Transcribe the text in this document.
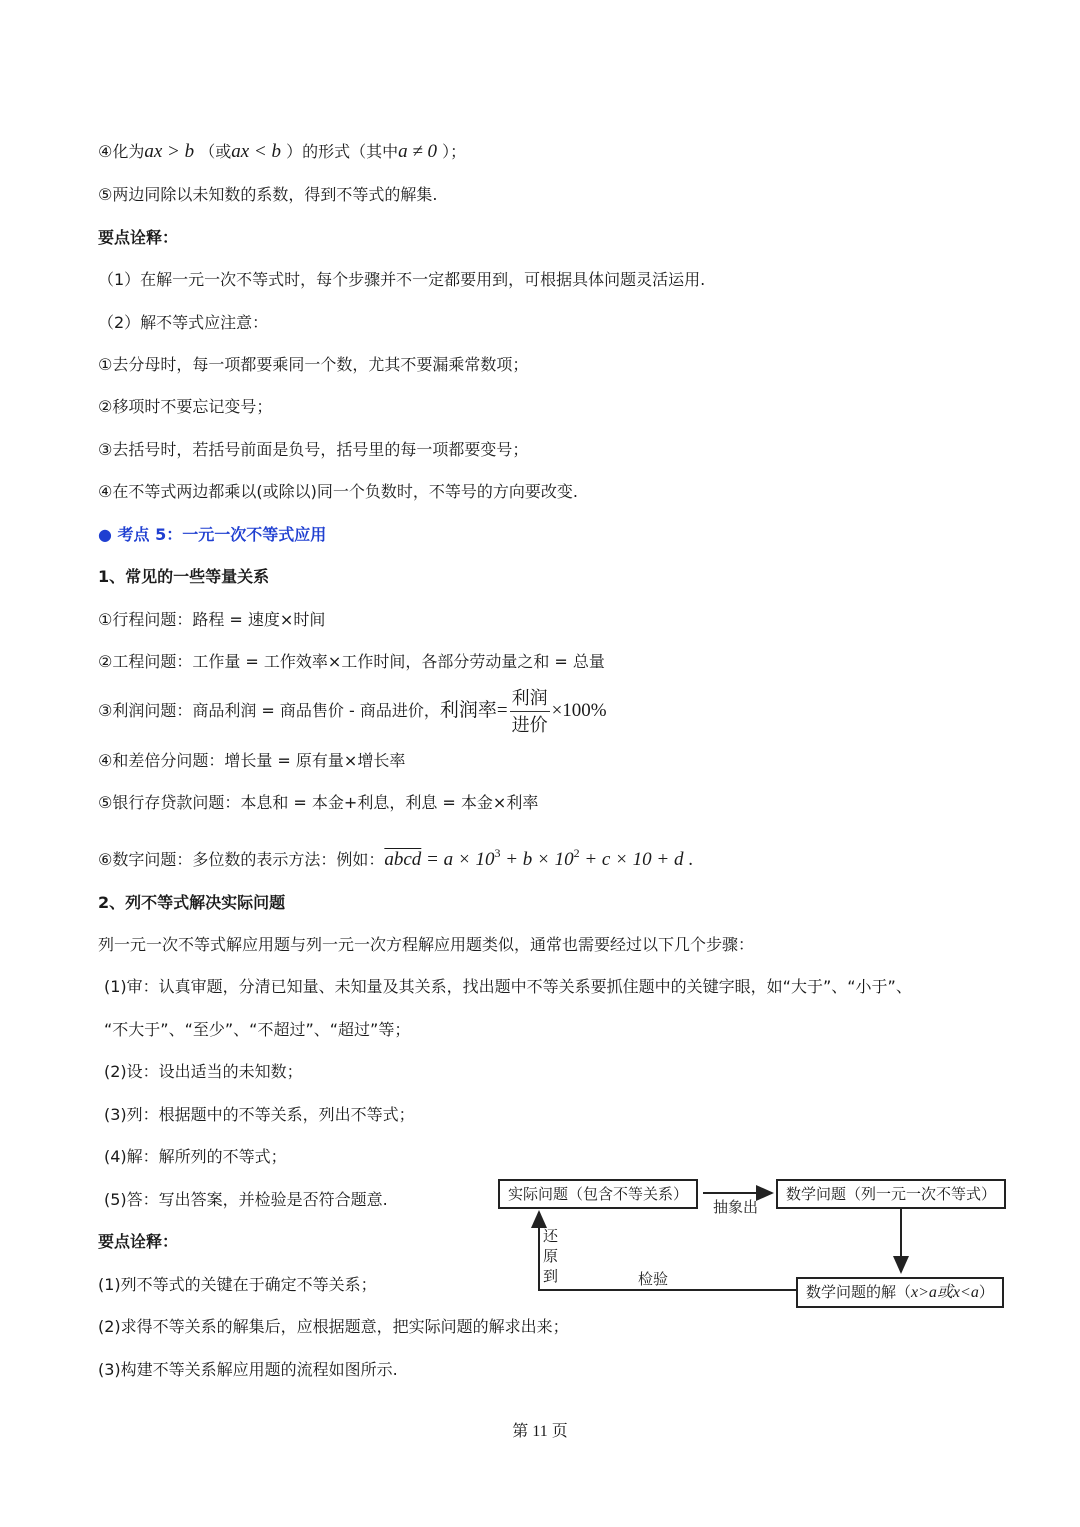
④化为ax > b （或ax < b ）的形式（其中a ≠ 0 ）；
⑤两边同除以未知数的系数，得到不等式的解集.
要点诠释：
（1）在解一元一次不等式时，每个步骤并不一定都要用到，可根据具体问题灵活运用.
（2）解不等式应注意：
①去分母时，每一项都要乘同一个数，尤其不要漏乘常数项；
②移项时不要忘记变号；
③去括号时，若括号前面是负号，括号里的每一项都要变号；
④在不等式两边都乘以(或除以)同一个负数时，不等号的方向要改变.
● 考点 5：一元一次不等式应用
1、常见的一些等量关系
①行程问题：路程 = 速度×时间
②工程问题：工作量 = 工作效率×工作时间，各部分劳动量之和 = 总量
③利润问题：商品利润 = 商品售价 - 商品进价，利润率= $\frac{\text{利润}}{\text{进价}} \times 100\%$
④和差倍分问题：增长量 = 原有量×增长率
⑤银行存贷款问题：本息和 = 本金+利息，利息 = 本金×利率
⑥数字问题：多位数的表示方法：例如：abcd = $a \times 10^3 + b \times 10^2 + c \times 10 + d$ .
2、列不等式解决实际问题
列一元一次不等式解应用题与列一元一次方程解应用题类似，通常也需要经过以下几个步骤：
(1)审：认真审题，分清已知量、未知量及其关系，找出题中不等关系要抓住题中的关键字眼，如“大于”、“小于”、
“不大于”、“至少”、“不超过”、“超过”等；
(2)设：设出适当的未知数；
(3)列：根据题中的不等关系，列出不等式；
(4)解：解所列的不等式；
(5)答：写出答案，并检验是否符合题意.
要点诠释：
(1)列不等式的关键在于确定不等关系；
(2)求得不等关系的解集后，应根据题意，把实际问题的解求出来；
(3)构建不等关系解应用题的流程如图所示.
实际问题（包含不等关系）	数学问题（列一元一次不等式）
数学问题的解（x>a或x<a）
抽象出
检验
还
原
到
第 11 页
